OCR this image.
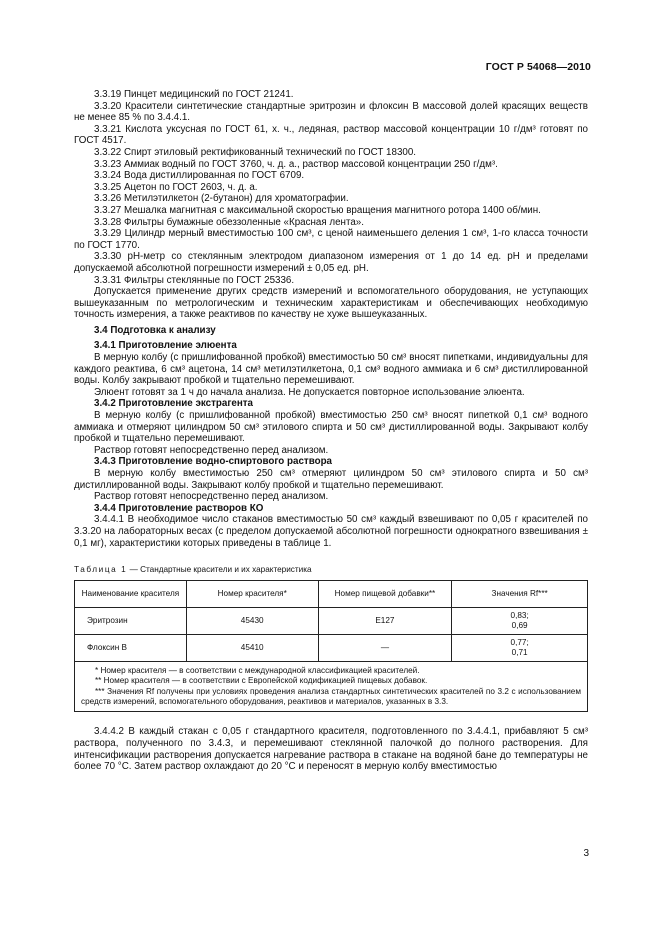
ГОСТ Р 54068—2010

3.3.19 Пинцет медицинский по ГОСТ 21241.

3.3.20 Красители синтетические стандартные эритрозин и флоксин В массовой долей красящих веществ не менее 85 % по 3.4.4.1.

3.3.21 Кислота уксусная по ГОСТ 61, х. ч., ледяная, раствор массовой концентрации 10 г/дм³ готовят по ГОСТ 4517.

3.3.22 Спирт этиловый ректификованный технический по ГОСТ 18300.

3.3.23 Аммиак водный по ГОСТ 3760, ч. д. а., раствор массовой концентрации 250 г/дм³.

3.3.24 Вода дистиллированная по ГОСТ 6709.

3.3.25 Ацетон по ГОСТ 2603, ч. д. а.

3.3.26 Метилэтилкетон (2-бутанон) для хроматографии.

3.3.27 Мешалка магнитная с максимальной скоростью вращения магнитного ротора 1400 об/мин.

3.3.28 Фильтры бумажные обеззоленные «Красная лента».

3.3.29 Цилиндр мерный вместимостью 100 см³, с ценой наименьшего деления 1 см³, 1-го класса точности по ГОСТ 1770.

3.3.30 рН-метр со стеклянным электродом диапазоном измерения от 1 до 14 ед. рН и пределами допускаемой абсолютной погрешности измерений ± 0,05 ед. рН.

3.3.31 Фильтры стеклянные по ГОСТ 25336.

Допускается применение других средств измерений и вспомогательного оборудования, не уступающих вышеуказанным по метрологическим и техническим характеристикам и обеспечивающих необходимую точность измерения, а также реактивов по качеству не хуже вышеуказанных.

3.4 Подготовка к анализу

3.4.1 Приготовление элюента

В мерную колбу (с пришлифованной пробкой) вместимостью 50 см³ вносят пипетками, индивидуальны для каждого реактива, 6 см³ ацетона, 14 см³ метилэтилкетона, 0,1 см³ водного аммиака и 6 см³ дистиллированной воды. Колбу закрывают пробкой и тщательно перемешивают.

Элюент готовят за 1 ч до начала анализа. Не допускается повторное использование элюента.

3.4.2 Приготовление экстрагента

В мерную колбу (с пришлифованной пробкой) вместимостью 250 см³ вносят пипеткой 0,1 см³ водного аммиака и отмеряют цилиндром 50 см³ этилового спирта и 50 см³ дистиллированной воды. Закрывают колбу пробкой и тщательно перемешивают.

Раствор готовят непосредственно перед анализом.

3.4.3 Приготовление водно-спиртового раствора

В мерную колбу вместимостью 250 см³ отмеряют цилиндром 50 см³ этилового спирта и 50 см³ дистиллированной воды. Закрывают колбу пробкой и тщательно перемешивают.

Раствор готовят непосредственно перед анализом.

3.4.4 Приготовление растворов КО

3.4.4.1 В необходимое число стаканов вместимостью 50 см³ каждый взвешивают по 0,05 г красителей по 3.3.20 на лабораторных весах (с пределом допускаемой абсолютной погрешности однократного взвешивания ± 0,1 мг), характеристики которых приведены в таблице 1.

Таблица 1 — Стандартные красители и их характеристика

Наименование красителя	Номер красителя*	Номер пищевой добавки**	Значения Rf***
Эритрозин	45430	Е127	0,83;
0,69
Флоксин В	45410	—	0,77;
0,71

* Номер красителя — в соответствии с международной классификацией красителей.
** Номер красителя — в соответствии с Европейской кодификацией пищевых добавок.
*** Значения Rf получены при условиях проведения анализа стандартных синтетических красителей по 3.2 с использованием средств измерений, вспомогательного оборудования, реактивов и материалов, указанных в 3.3.			

3.4.4.2 В каждый стакан с 0,05 г стандартного красителя, подготовленного по 3.4.4.1, прибавляют 5 см³ раствора, полученного по 3.4.3, и перемешивают стеклянной палочкой до полного растворения. Для интенсификации растворения допускается нагревание раствора в стакане на водяной бане до температуры не более 70 °С. Затем раствор охлаждают до 20 °С и переносят в мерную колбу вместимостью

3
